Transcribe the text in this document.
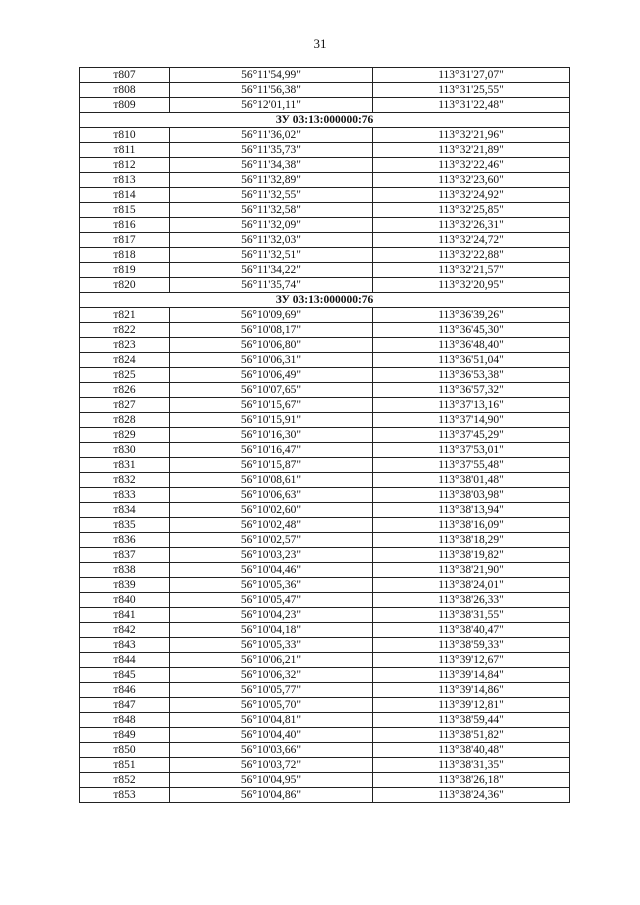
31
т807	56°11'54,99"	113°31'27,07"
т808	56°11'56,38"	113°31'25,55"
т809	56°12'01,11"	113°31'22,48"
ЗУ 03:13:000000:76		
т810	56°11'36,02"	113°32'21,96"
т811	56°11'35,73"	113°32'21,89"
т812	56°11'34,38"	113°32'22,46"
т813	56°11'32,89"	113°32'23,60"
т814	56°11'32,55"	113°32'24,92"
т815	56°11'32,58"	113°32'25,85"
т816	56°11'32,09"	113°32'26,31"
т817	56°11'32,03"	113°32'24,72"
т818	56°11'32,51"	113°32'22,88"
т819	56°11'34,22"	113°32'21,57"
т820	56°11'35,74"	113°32'20,95"
ЗУ 03:13:000000:76		
т821	56°10'09,69"	113°36'39,26"
т822	56°10'08,17"	113°36'45,30"
т823	56°10'06,80"	113°36'48,40"
т824	56°10'06,31"	113°36'51,04"
т825	56°10'06,49"	113°36'53,38"
т826	56°10'07,65"	113°36'57,32"
т827	56°10'15,67"	113°37'13,16"
т828	56°10'15,91"	113°37'14,90"
т829	56°10'16,30"	113°37'45,29"
т830	56°10'16,47"	113°37'53,01"
т831	56°10'15,87"	113°37'55,48"
т832	56°10'08,61"	113°38'01,48"
т833	56°10'06,63"	113°38'03,98"
т834	56°10'02,60"	113°38'13,94"
т835	56°10'02,48"	113°38'16,09"
т836	56°10'02,57"	113°38'18,29"
т837	56°10'03,23"	113°38'19,82"
т838	56°10'04,46"	113°38'21,90"
т839	56°10'05,36"	113°38'24,01"
т840	56°10'05,47"	113°38'26,33"
т841	56°10'04,23"	113°38'31,55"
т842	56°10'04,18"	113°38'40,47"
т843	56°10'05,33"	113°38'59,33"
т844	56°10'06,21"	113°39'12,67"
т845	56°10'06,32"	113°39'14,84"
т846	56°10'05,77"	113°39'14,86"
т847	56°10'05,70"	113°39'12,81"
т848	56°10'04,81"	113°38'59,44"
т849	56°10'04,40"	113°38'51,82"
т850	56°10'03,66"	113°38'40,48"
т851	56°10'03,72"	113°38'31,35"
т852	56°10'04,95"	113°38'26,18"
т853	56°10'04,86"	113°38'24,36"
